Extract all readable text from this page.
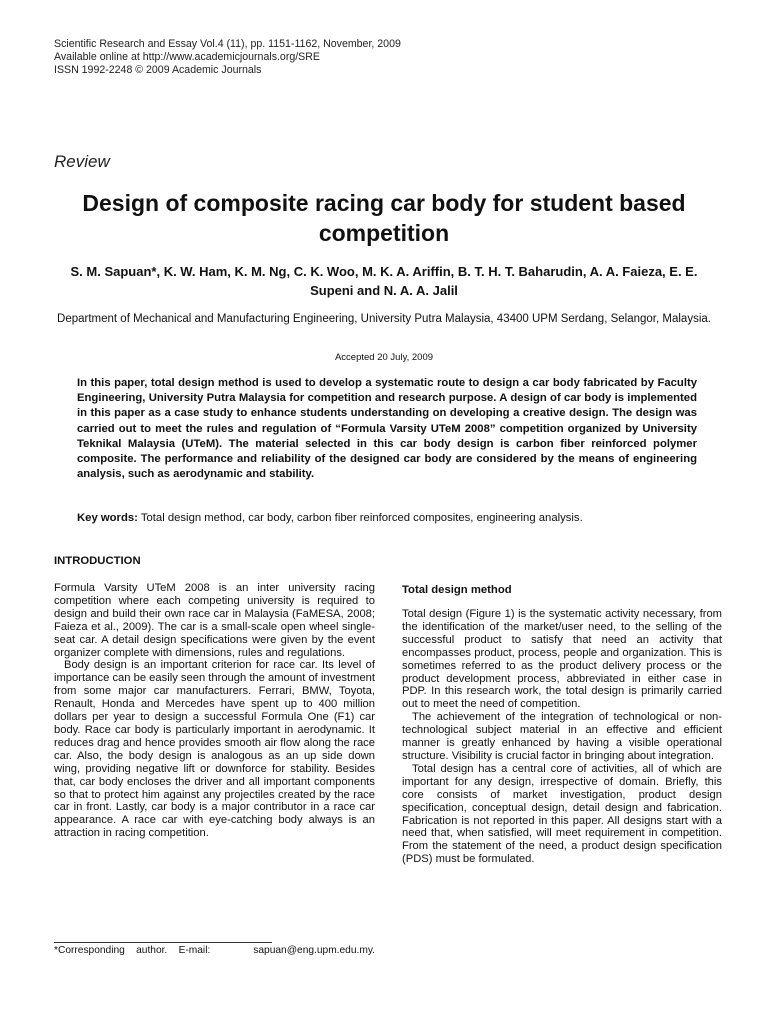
Scientific Research and Essay Vol.4 (11), pp. 1151-1162, November, 2009
Available online at http://www.academicjournals.org/SRE
ISSN 1992-2248 © 2009 Academic Journals
Review
Design of composite racing car body for student based competition
S. M. Sapuan*, K. W. Ham, K. M. Ng, C. K. Woo, M. K. A. Ariffin, B. T. H. T. Baharudin, A. A. Faieza, E. E. Supeni and N. A. A. Jalil
Department of Mechanical and Manufacturing Engineering, University Putra Malaysia, 43400 UPM Serdang, Selangor, Malaysia.
Accepted 20 July, 2009
In this paper, total design method is used to develop a systematic route to design a car body fabricated by Faculty Engineering, University Putra Malaysia for competition and research purpose. A design of car body is implemented in this paper as a case study to enhance students understanding on developing a creative design. The design was carried out to meet the rules and regulation of “Formula Varsity UTeM 2008” competition organized by University Teknikal Malaysia (UTeM). The material selected in this car body design is carbon fiber reinforced polymer composite. The performance and reliability of the designed car body are considered by the means of engineering analysis, such as aerodynamic and stability.
Key words: Total design method, car body, carbon fiber reinforced composites, engineering analysis.
INTRODUCTION

Formula Varsity UTeM 2008 is an inter university racing competition where each competing university is required to design and build their own race car in Malaysia (FaMESA, 2008; Faieza et al., 2009). The car is a small-scale open wheel single-seat car. A detail design specifications were given by the event organizer complete with dimensions, rules and regulations.

Body design is an important criterion for race car. Its level of importance can be easily seen through the amount of investment from some major car manufacturers. Ferrari, BMW, Toyota, Renault, Honda and Mercedes have spent up to 400 million dollars per year to design a successful Formula One (F1) car body. Race car body is particularly important in aerodynamic. It reduces drag and hence provides smooth air flow along the race car. Also, the body design is analogous as an up side down wing, providing negative lift or downforce for stability. Besides that, car body encloses the driver and all important components so that to protect him against any projectiles created by the race car in front. Lastly, car body is a major contributor in a race car appearance. A race car with eye-catching body always is an attraction in racing competition.

Total design method

Total design (Figure 1) is the systematic activity necessary, from the identification of the market/user need, to the selling of the successful product to satisfy that need an activity that encompasses product, process, people and organization. This is sometimes referred to as the product delivery process or the product development process, abbreviated in either case in PDP. In this research work, the total design is primarily carried out to meet the need of competition.

The achievement of the integration of technological or non-technological subject material in an effective and efficient manner is greatly enhanced by having a visible operational structure. Visibility is crucial factor in bringing about integration.

Total design has a central core of activities, all of which are important for any design, irrespective of domain. Briefly, this core consists of market investigation, product design specification, conceptual design, detail design and fabrication. Fabrication is not reported in this paper. All designs start with a need that, when satisfied, will meet requirement in competition. From the statement of the need, a product design specification (PDS) must be formulated.

*Corresponding    author.    E-mail:	sapuan@eng.upm.edu.my.
